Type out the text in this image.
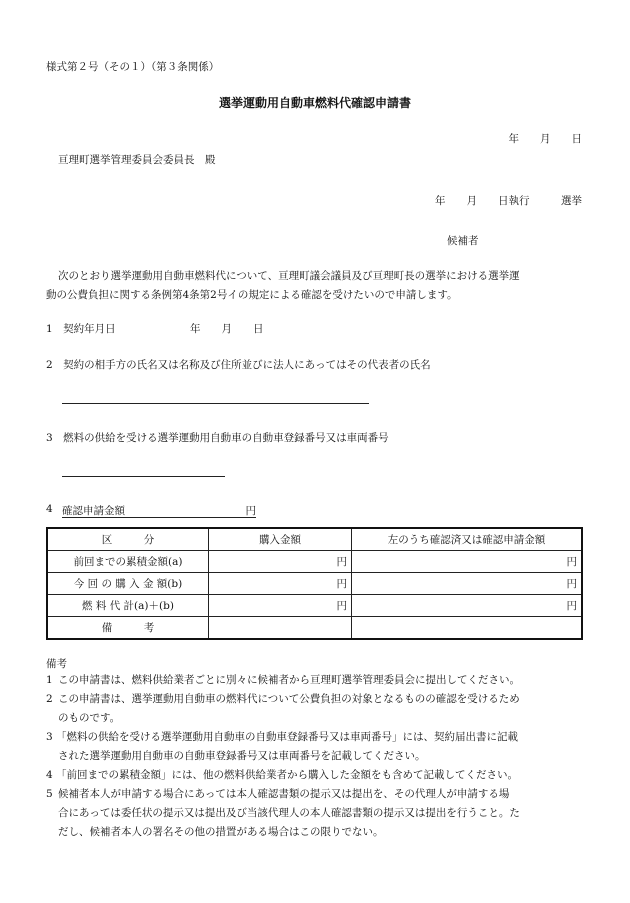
様式第２号（その１）（第３条関係）
選挙運動用自動車燃料代確認申請書
年　　月　　日
亘理町選挙管理委員会委員長　殿
年　　月　　日執行　　　選挙
候補者
次のとおり選挙運動用自動車燃料代について、亘理町議会議員及び亘理町長の選挙における選挙運
動の公費負担に関する条例第4条第2号イの規定による確認を受けたいので申請します。
1　契約年月日	年　　月　　日
2　契約の相手方の氏名又は名称及び住所並びに法人にあってはその代表者の氏名
3　燃料の供給を受ける選挙運動用自動車の自動車登録番号又は車両番号
4 確認申請金額	円
区　　　分	購入金額	左のうち確認済又は確認申請金額
前回までの累積金額(a)	円	円
今 回 の 購 入 金 額(b)	円	円
燃 料 代 計(a)＋(b)	円	円
備　　　考		
備考
1 この申請書は、燃料供給業者ごとに別々に候補者から亘理町選挙管理委員会に提出してください。
2 この申請書は、選挙運動用自動車の燃料代について公費負担の対象となるものの確認を受けるため
のものです。
3 「燃料の供給を受ける選挙運動用自動車の自動車登録番号又は車両番号」には、契約届出書に記載
された選挙運動用自動車の自動車登録番号又は車両番号を記載してください。
4 「前回までの累積金額」には、他の燃料供給業者から購入した金額をも含めて記載してください。
5 候補者本人が申請する場合にあっては本人確認書類の提示又は提出を、その代理人が申請する場
合にあっては委任状の提示又は提出及び当該代理人の本人確認書類の提示又は提出を行うこと。た
だし、候補者本人の署名その他の措置がある場合はこの限りでない。
